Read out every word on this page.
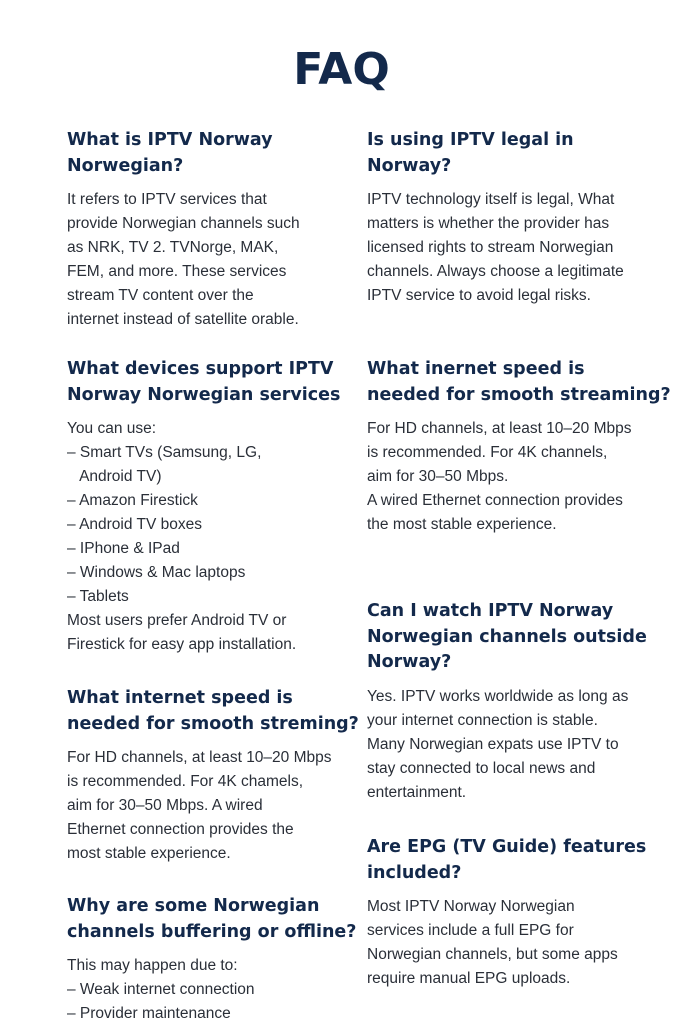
FAQ
What is IPTV Norway
Norwegian?

It refers to IPTV services that
provide Norwegian channels such
as NRK, TV 2. TVNorge, MAK,
FEM, and more. These services
stream TV content over the
internet instead of satellite orable.

Is using IPTV legal in
Norway?

IPTV technology itself is legal, What
matters is whether the provider has
licensed rights to stream Norwegian
channels. Always choose a legitimate
IPTV service to avoid legal risks.

What devices support IPTV
Norway Norwegian services

You can use:
– Smart TVs (Samsung, LG,
Android TV)
– Amazon Firestick
– Android TV boxes
– IPhone & IPad
– Windows & Mac laptops
– Tablets
Most users prefer Android TV or
Firestick for easy app installation.

What inernet speed is
needed for smooth streaming?

For HD channels, at least 10–20 Mbps
is recommended. For 4K channels,
aim for 30–50 Mbps.
A wired Ethernet connection provides
the most stable experience.

What internet speed is
needed for smooth streming?

For HD channels, at least 10–20 Mbps
is recommended. For 4K chamels,
aim for 30–50 Mbps. A wired
Ethernet connection provides the
most stable experience.

Can I watch IPTV Norway
Norwegian channels outside
Norway?

Yes. IPTV works worldwide as long as
your internet connection is stable.
Many Norwegian expats use IPTV to
stay connected to local news and
entertainment.

Why are some Norwegian
channels buffering or offline?

This may happen due to:
– Weak internet connection
– Provider maintenance

Are EPG (TV Guide) features
included?

Most IPTV Norway Norwegian
services include a full EPG for
Norwegian channels, but some apps
require manual EPG uploads.
